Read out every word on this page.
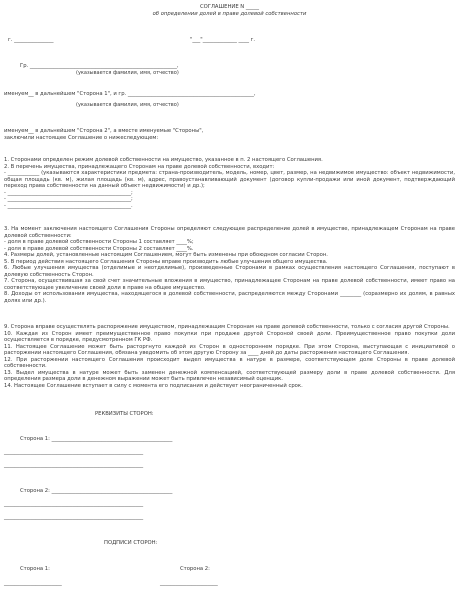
СОГЛАШЕНИЕ N _____
об определении долей в праве долевой собственности
г. _______________	"___"_____________ ____ г.
Гр. ________________________________________________________,
(указывается фамилия, имя, отчество)
именуем__ в дальнейшем "Сторона 1", и гр. ________________________________________________,
(указывается фамилия, имя, отчество)
именуем__ в дальнейшем "Сторона 2", а вместе именуемые "Стороны",
заключили настоящее Соглашение о нижеследующем:

1. Сторонами определен режим долевой собственности на имущество, указанное в п. 2 настоящего Соглашения.

2. В перечень имущества, принадлежащего Сторонам на праве долевой собственности, входит:

- ____________ (указываются характеристики предмета: страна-производитель, модель, номер, цвет, размер, на недвижимое имущество: объект недвижимости, общая площадь (кв. м), жилая площадь (кв. м), адрес, правоустанавливающий документ (договор купли-продажи или иной документ, подтверждающий переход права собственности на данный объект недвижимости) и др.);

- _______________________________________________;

- _______________________________________________;

- _______________________________________________.

3. На момент заключения настоящего Соглашения Стороны определяют следующее распределение долей в имуществе, принадлежащем Сторонам на праве долевой собственности:

- доля в праве долевой собственности Стороны 1 составляет ____%;

- доля в праве долевой собственности Стороны 2 составляет ____%.

4. Размеры долей, установленные настоящим Соглашением, могут быть изменены при обоюдном согласии Сторон.

5. В период действия настоящего Соглашения Стороны вправе производить любые улучшения общего имущества.

6. Любые улучшения имущества (отделимые и неотделимые), произведенные Сторонами в рамках осуществления настоящего Соглашения, поступают в долевую собственность Сторон.

7. Сторона, осуществившая за свой счет значительные вложения в имущество, принадлежащее Сторонам на праве долевой собственности, имеет право на соответствующее увеличение своей доли в праве на общее имущество.

8. Доходы от использования имущества, находящегося в долевой собственности, распределяются между Сторонами ________ (соразмерно их долям, в равных долях или др.).

9. Сторона вправе осуществлять распоряжение имуществом, принадлежащим Сторонам на праве долевой собственности, только с согласия другой Стороны.

10. Каждая из Сторон имеет преимущественное право покупки при продаже другой Стороной своей доли. Преимущественное право покупки доли осуществляется в порядке, предусмотренном ГК РФ.

11. Настоящее Соглашение может быть расторгнуто каждой из Сторон в одностороннем порядке. При этом Сторона, выступающая с инициативой о расторжении настоящего Соглашения, обязана уведомить об этом другую Сторону за ____ дней до даты расторжения настоящего Соглашения.

12. При расторжении настоящего Соглашения происходит выдел имущества в натуре в размере, соответствующем доле Стороны в праве долевой собственности.

13. Выдел имущества в натуре может быть заменен денежной компенсацией, соответствующей размеру доли в праве долевой собственности. Для определения размера доли в денежном выражении может быть привлечен независимый оценщик.

14. Настоящее Соглашение вступает в силу с момента его подписания и действует неограниченный срок.

РЕКВИЗИТЫ СТОРОН:
Сторона 1: ______________________________________________
_____________________________________________________
_____________________________________________________
Сторона 2: ______________________________________________
_____________________________________________________
_____________________________________________________
ПОДПИСИ СТОРОН:
Сторона 1:
______________________
Сторона 2:
______________________
